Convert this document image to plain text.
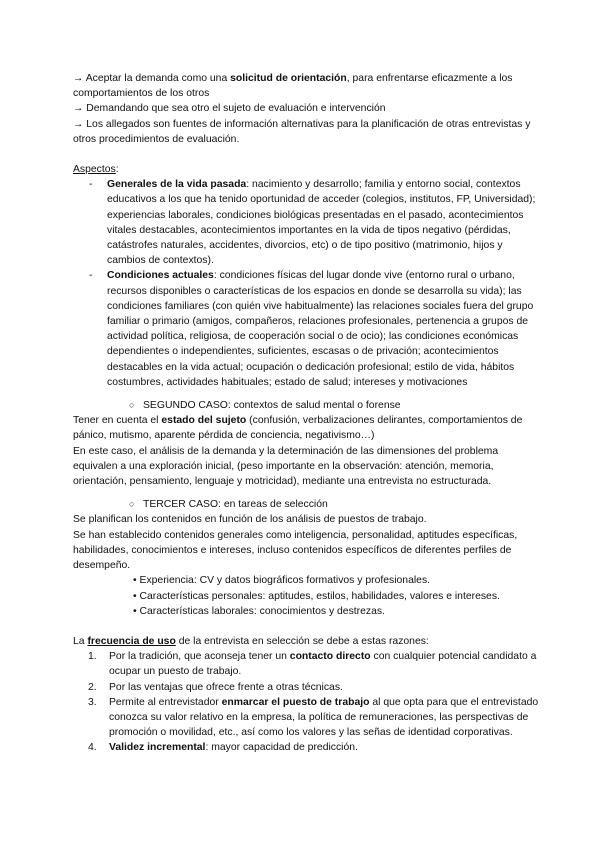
→ Aceptar la demanda como una solicitud de orientación, para enfrentarse eficazmente a los comportamientos de los otros

→ Demandando que sea otro el sujeto de evaluación e intervención

→ Los allegados son fuentes de información alternativas para la planificación de otras entrevistas y otros procedimientos de evaluación.

Aspectos:

- Generales de la vida pasada: nacimiento y desarrollo; familia y entorno social, contextos educativos a los que ha tenido oportunidad de acceder (colegios, institutos, FP, Universidad); experiencias laborales, condiciones biológicas presentadas en el pasado, acontecimientos vitales destacables, acontecimientos importantes en la vida de tipos negativo (pérdidas, catástrofes naturales, accidentes, divorcios, etc) o de tipo positivo (matrimonio, hijos y cambios de contextos).
- Condiciones actuales: condiciones físicas del lugar donde vive (entorno rural o urbano, recursos disponibles o características de los espacios en donde se desarrolla su vida); las condiciones familiares (con quién vive habitualmente) las relaciones sociales fuera del grupo familiar o primario (amigos, compañeros, relaciones profesionales, pertenencia a grupos de actividad política, religiosa, de cooperación social o de ocio); las condiciones económicas dependientes o independientes, suficientes, escasas o de privación; acontecimientos destacables en la vida actual; ocupación o dedicación profesional; estilo de vida, hábitos costumbres, actividades habituales; estado de salud; intereses y motivaciones

○ SEGUNDO CASO: contextos de salud mental o forense

Tener en cuenta el estado del sujeto (confusión, verbalizaciones delirantes, comportamientos de pánico, mutismo, aparente pérdida de conciencia, negativismo…)

En este caso, el análisis de la demanda y la determinación de las dimensiones del problema equivalen a una exploración inicial, (peso importante en la observación: atención, memoria, orientación, pensamiento, lenguaje y motricidad), mediante una entrevista no estructurada.

○ TERCER CASO: en tareas de selección

Se planifican los contenidos en función de los análisis de puestos de trabajo.

Se han establecido contenidos generales como inteligencia, personalidad, aptitudes específicas, habilidades, conocimientos e intereses, incluso contenidos específicos de diferentes perfiles de desempeño.

• Experiencia: CV y datos biográficos formativos y profesionales.
• Características personales: aptitudes, estilos, habilidades, valores e intereses.
• Características laborales: conocimientos y destrezas.

La frecuencia de uso de la entrevista en selección se debe a estas razones:

1. Por la tradición, que aconseja tener un contacto directo con cualquier potencial candidato a ocupar un puesto de trabajo.
2. Por las ventajas que ofrece frente a otras técnicas.
3. Permite al entrevistador enmarcar el puesto de trabajo al que opta para que el entrevistado conozca su valor relativo en la empresa, la política de remuneraciones, las perspectivas de promoción o movilidad, etc., así como los valores y las señas de identidad corporativas.
4. Validez incremental: mayor capacidad de predicción.
